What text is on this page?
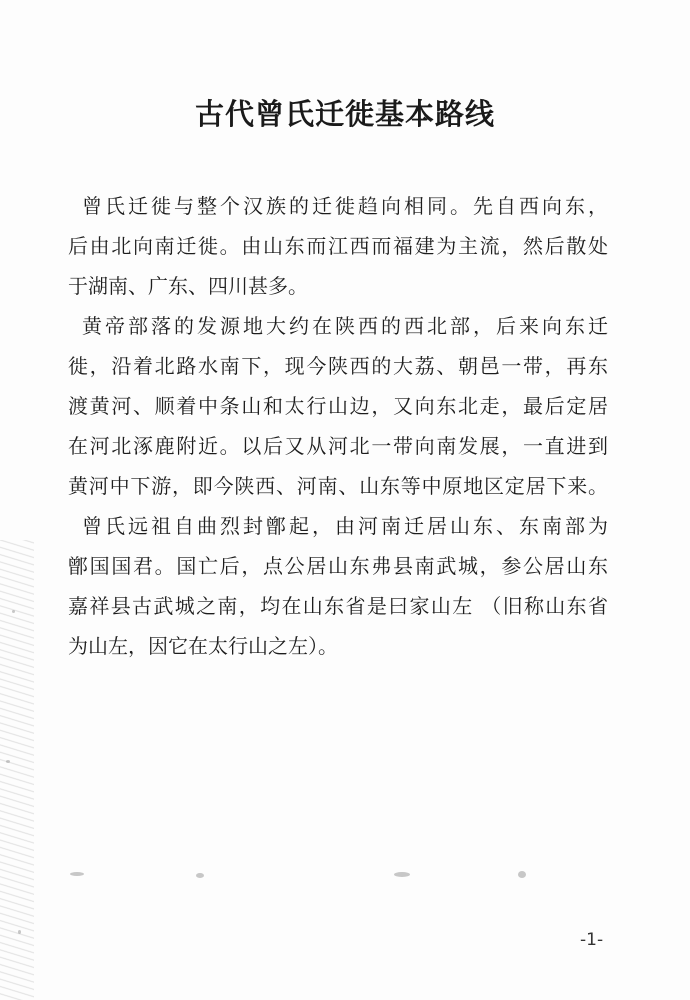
古代曾氏迁徙基本路线
曾氏迁徙与整个汉族的迁徙趋向相同。先自西向东，
后由北向南迁徙。由山东而江西而福建为主流，然后散处
于湖南、广东、四川甚多。
黄帝部落的发源地大约在陕西的西北部，后来向东迁
徙，沿着北路水南下，现今陕西的大荔、朝邑一带，再东
渡黄河、顺着中条山和太行山边，又向东北走，最后定居
在河北涿鹿附近。以后又从河北一带向南发展，一直进到
黄河中下游，即今陕西、河南、山东等中原地区定居下来。
曾氏远祖自曲烈封鄫起，由河南迁居山东、东南部为
鄫国国君。国亡后，点公居山东弗县南武城，参公居山东
嘉祥县古武城之南，均在山东省是曰家山左 （旧称山东省
为山左，因它在太行山之左）。
-1-
